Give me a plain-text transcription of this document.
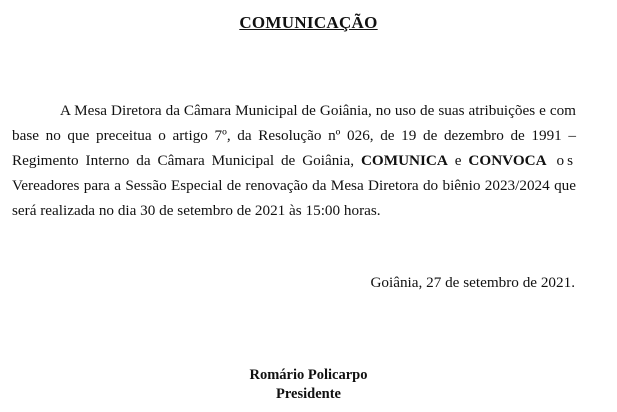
COMUNICAÇÃO

A Mesa Diretora da Câmara Municipal de Goiânia, no uso de suas atribuições e com base no que preceitua o artigo 7º, da Resolução nº 026, de 19 de dezembro de 1991 – Regimento Interno da Câmara Municipal de Goiânia, COMUNICA e CONVOCA os Vereadores para a Sessão Especial de renovação da Mesa Diretora do biênio 2023/2024 que será realizada no dia 30 de setembro de 2021 às 15:00 horas.

Goiânia, 27 de setembro de 2021.
Romário Policarpo
Presidente
